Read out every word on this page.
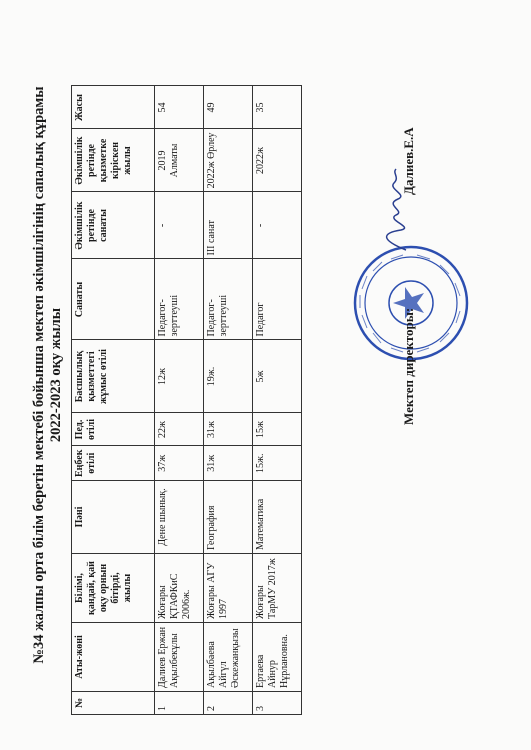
№34 жалпы орта білім беретін мектебі бойынша мектеп әкімшілігінің сапалық құрамы 2022-2023 оқу жылы
№	Аты-жөні	Білімі, қандай, қай оқу орнын бітірді, жылы	Пәні	Еңбек өтілі	Пед. өтілі	Басшылық қызметтегі жұмыс өтілі	Санаты	Әкімшілік ретінде санаты	Әкімшілік ретінде қызметке кіріскен жылы	Жасы
1	Далиев Ержан Ақылбекұлы	Жоғары ҚТАФКиС 2006ж.	Дене шынық.	37ж	22ж	12ж	Педагог-зерттеуші	-	2019 Алматы	54
2	Ақылбаева Айгүл Әскежанқызы	Жоғары АГУ 1997	География	31ж	31ж	19ж.	Педагог-зерттеуші	III санат	2022ж Өрлеу	49
3	Ертаева Айнур Нұрлановна.	Жоғары ТарМУ 2017ж	Математика	15ж.	15ж	5ж	Педагог	-	2022ж	35
Мектеп директоры:
Далиев.Е.А
